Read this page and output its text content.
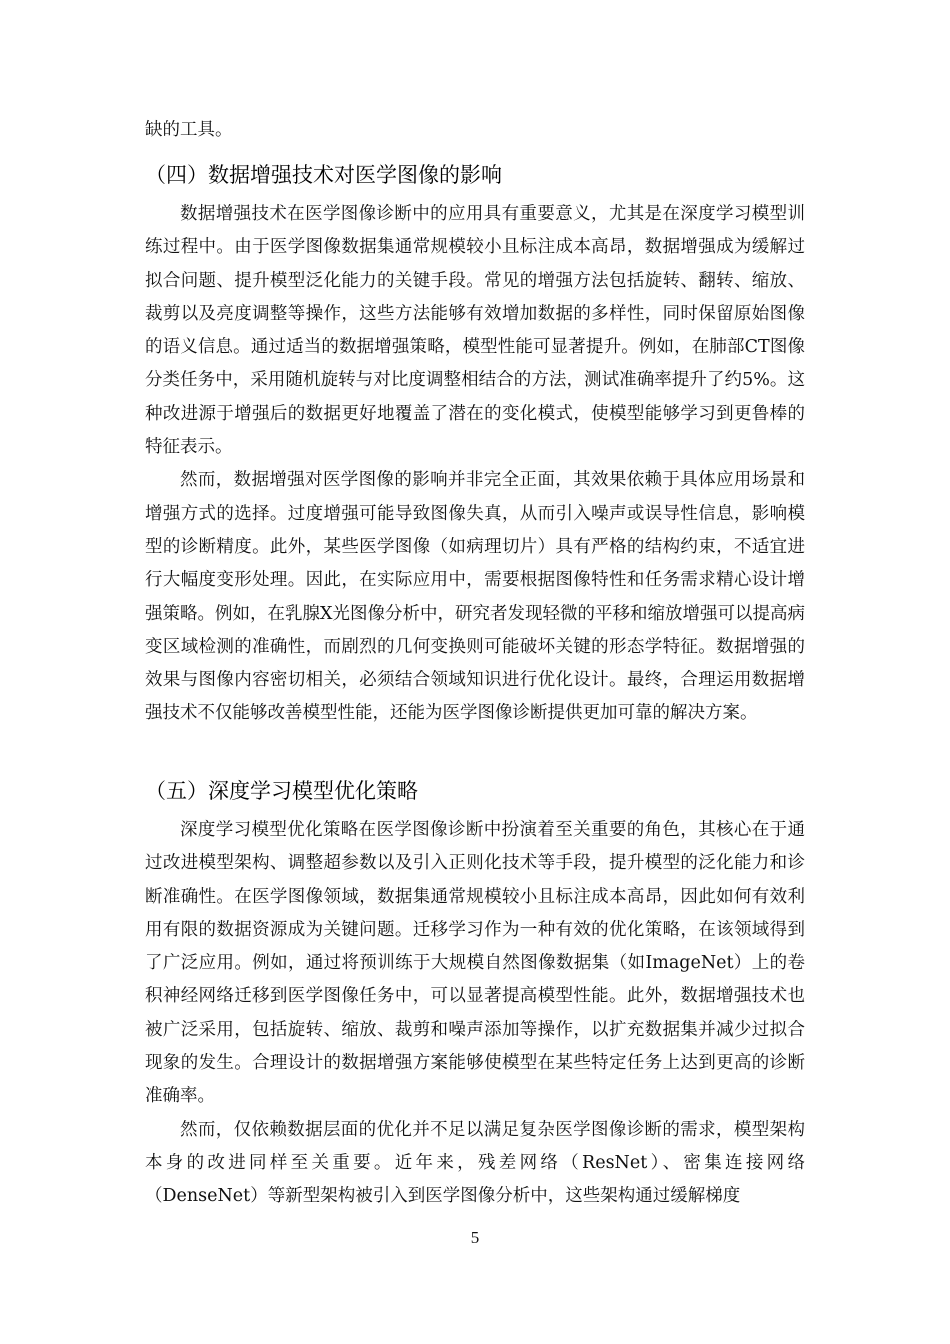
缺的工具。

（四）数据增强技术对医学图像的影响

数据增强技术在医学图像诊断中的应用具有重要意义，尤其是在深度学习模型训练过程中。由于医学图像数据集通常规模较小且标注成本高昂，数据增强成为缓解过拟合问题、提升模型泛化能力的关键手段。常见的增强方法包括旋转、翻转、缩放、裁剪以及亮度调整等操作，这些方法能够有效增加数据的多样性，同时保留原始图像的语义信息。通过适当的数据增强策略，模型性能可显著提升。例如，在肺部CT图像分类任务中，采用随机旋转与对比度调整相结合的方法，测试准确率提升了约5%。这种改进源于增强后的数据更好地覆盖了潜在的变化模式，使模型能够学习到更鲁棒的特征表示。

然而，数据增强对医学图像的影响并非完全正面，其效果依赖于具体应用场景和增强方式的选择。过度增强可能导致图像失真，从而引入噪声或误导性信息，影响模型的诊断精度。此外，某些医学图像（如病理切片）具有严格的结构约束，不适宜进行大幅度变形处理。因此，在实际应用中，需要根据图像特性和任务需求精心设计增强策略。例如，在乳腺X光图像分析中，研究者发现轻微的平移和缩放增强可以提高病变区域检测的准确性，而剧烈的几何变换则可能破坏关键的形态学特征。数据增强的效果与图像内容密切相关，必须结合领域知识进行优化设计。最终，合理运用数据增强技术不仅能够改善模型性能，还能为医学图像诊断提供更加可靠的解决方案。

（五）深度学习模型优化策略

深度学习模型优化策略在医学图像诊断中扮演着至关重要的角色，其核心在于通过改进模型架构、调整超参数以及引入正则化技术等手段，提升模型的泛化能力和诊断准确性。在医学图像领域，数据集通常规模较小且标注成本高昂，因此如何有效利用有限的数据资源成为关键问题。迁移学习作为一种有效的优化策略，在该领域得到了广泛应用。例如，通过将预训练于大规模自然图像数据集（如ImageNet）上的卷积神经网络迁移到医学图像任务中，可以显著提高模型性能。此外，数据增强技术也被广泛采用，包括旋转、缩放、裁剪和噪声添加等操作，以扩充数据集并减少过拟合现象的发生。合理设计的数据增强方案能够使模型在某些特定任务上达到更高的诊断准确率。

然而，仅依赖数据层面的优化并不足以满足复杂医学图像诊断的需求，模型架构本身的改进同样至关重要。近年来，残差网络（ResNet）、密集连接网络（DenseNet）等新型架构被引入到医学图像分析中，这些架构通过缓解梯度

5
